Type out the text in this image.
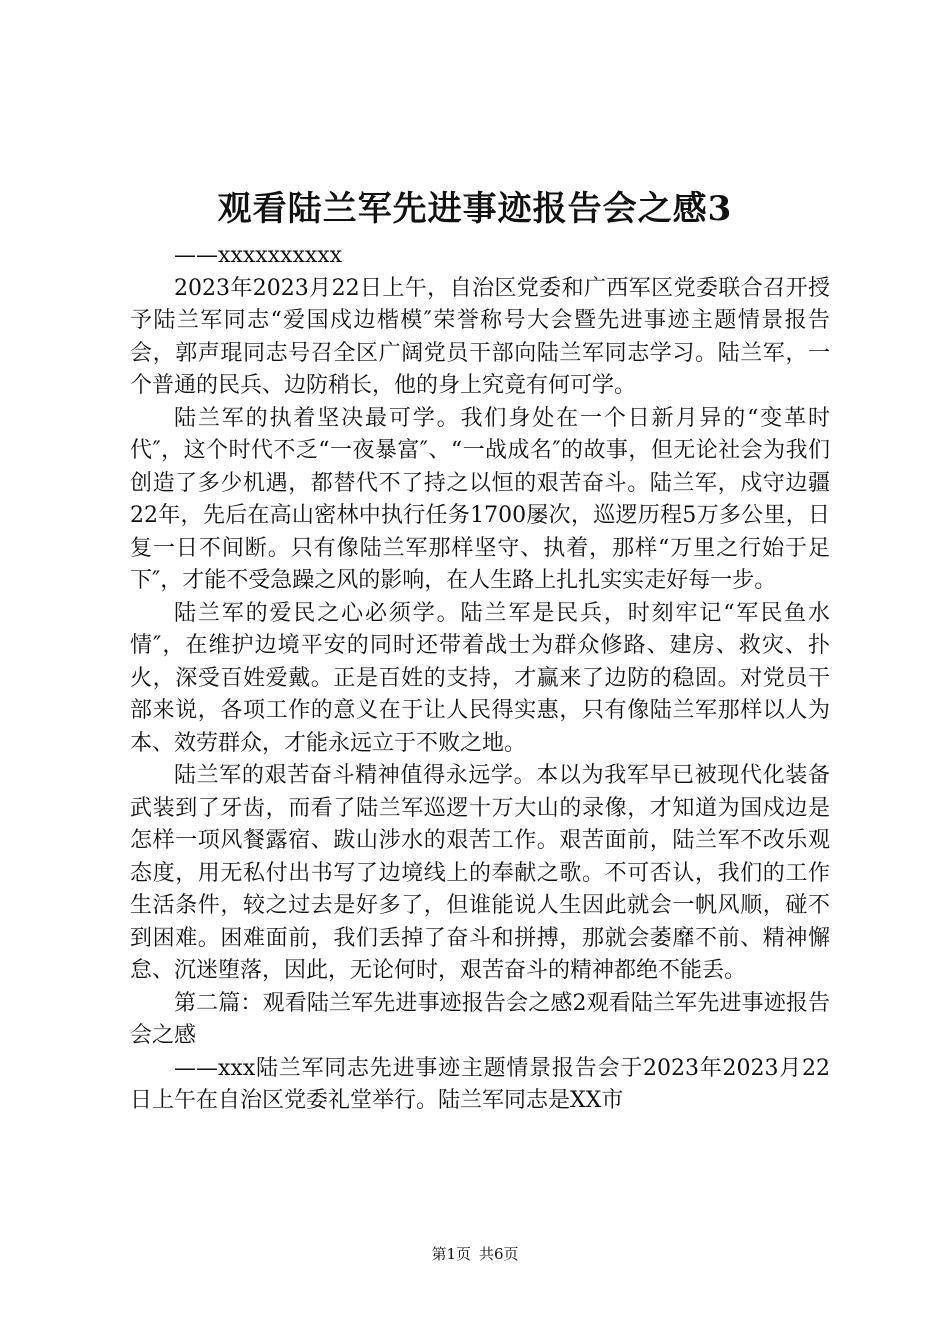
观看陆兰军先进事迹报告会之感3

——xxxxxxxxxx

2023年2023月22日上午，自治区党委和广西军区党委联合召开授予陆兰军同志“爱国戍边楷模″荣誉称号大会暨先进事迹主题情景报告会，郭声琨同志号召全区广阔党员干部向陆兰军同志学习。陆兰军，一个普通的民兵、边防稍长，他的身上究竟有何可学。

陆兰军的执着坚决最可学。我们身处在一个日新月异的“变革时代″，这个时代不乏“一夜暴富″、“一战成名″的故事，但无论社会为我们创造了多少机遇，都替代不了持之以恒的艰苦奋斗。陆兰军，戍守边疆22年，先后在高山密林中执行任务1700屡次，巡逻历程5万多公里，日复一日不间断。只有像陆兰军那样坚守、执着，那样“万里之行始于足下″，才能不受急躁之风的影响，在人生路上扎扎实实走好每一步。

陆兰军的爱民之心必须学。陆兰军是民兵，时刻牢记“军民鱼水情″，在维护边境平安的同时还带着战士为群众修路、建房、救灾、扑火，深受百姓爱戴。正是百姓的支持，才赢来了边防的稳固。对党员干部来说，各项工作的意义在于让人民得实惠，只有像陆兰军那样以人为本、效劳群众，才能永远立于不败之地。

陆兰军的艰苦奋斗精神值得永远学。本以为我军早已被现代化装备武装到了牙齿，而看了陆兰军巡逻十万大山的录像，才知道为国戍边是怎样一项风餐露宿、跋山涉水的艰苦工作。艰苦面前，陆兰军不改乐观态度，用无私付出书写了边境线上的奉献之歌。不可否认，我们的工作生活条件，较之过去是好多了，但谁能说人生因此就会一帆风顺，碰不到困难。困难面前，我们丢掉了奋斗和拼搏，那就会萎靡不前、精神懈怠、沉迷堕落，因此，无论何时，艰苦奋斗的精神都绝不能丢。

第二篇：观看陆兰军先进事迹报告会之感2观看陆兰军先进事迹报告会之感

——xxx陆兰军同志先进事迹主题情景报告会于2023年2023月22日上午在自治区党委礼堂举行。陆兰军同志是XX市

第1页 共6页
